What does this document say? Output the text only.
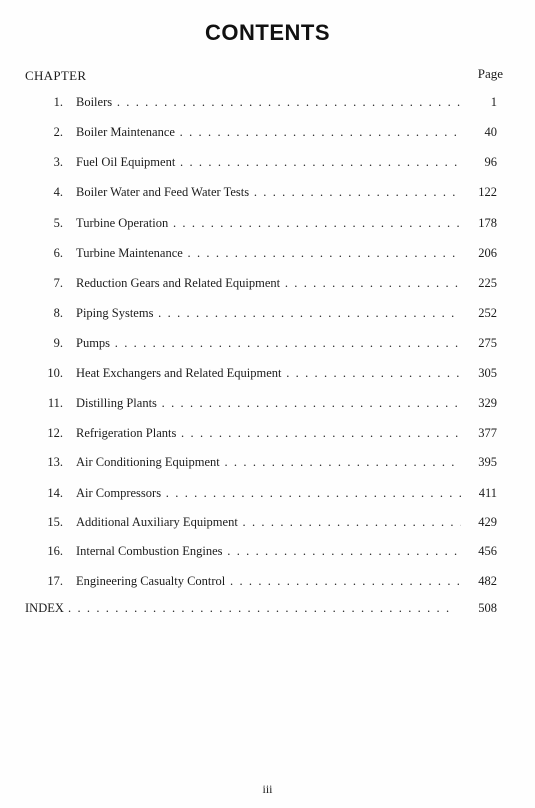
CONTENTS
CHAPTER	Page
1. Boilers . . .	1
2. Boiler Maintenance . . .	40
3. Fuel Oil Equipment . . .	96
4. Boiler Water and Feed Water Tests . . .	122
5. Turbine Operation . . .	178
6. Turbine Maintenance . . .	206
7. Reduction Gears and Related Equipment . . .	225
8. Piping Systems . . .	252
9. Pumps . . .	275
10. Heat Exchangers and Related Equipment . . .	305
11. Distilling Plants . . .	329
12. Refrigeration Plants . . .	377
13. Air Conditioning Equipment . . .	395
14. Air Compressors . . .	411
15. Additional Auxiliary Equipment . . .	429
16. Internal Combustion Engines . . .	456
17. Engineering Casualty Control . . .	482
INDEX . . .	508
iii
